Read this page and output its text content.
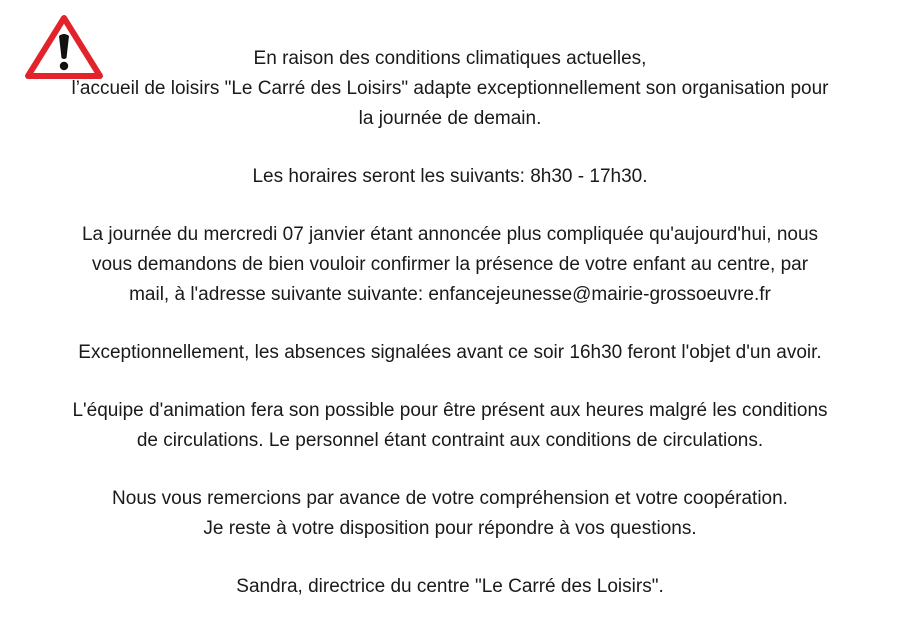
En raison des conditions climatiques actuelles,
l’accueil de loisirs "Le Carré des Loisirs" adapte exceptionnellement son organisation pour
la journée de demain.

Les horaires seront les suivants: 8h30 - 17h30.

La journée du mercredi 07 janvier étant annoncée plus compliquée qu'aujourd'hui, nous
vous demandons de bien vouloir confirmer la présence de votre enfant au centre, par
mail, à l'adresse suivante suivante: enfancejeunesse@mairie-grossoeuvre.fr

Exceptionnellement, les absences signalées avant ce soir 16h30 feront l'objet d'un avoir.

L'équipe d'animation fera son possible pour être présent aux heures malgré les conditions
de circulations. Le personnel étant contraint aux conditions de circulations.

Nous vous remercions par avance de votre compréhension et votre coopération.
Je reste à votre disposition pour répondre à vos questions.

Sandra, directrice du centre "Le Carré des Loisirs".
